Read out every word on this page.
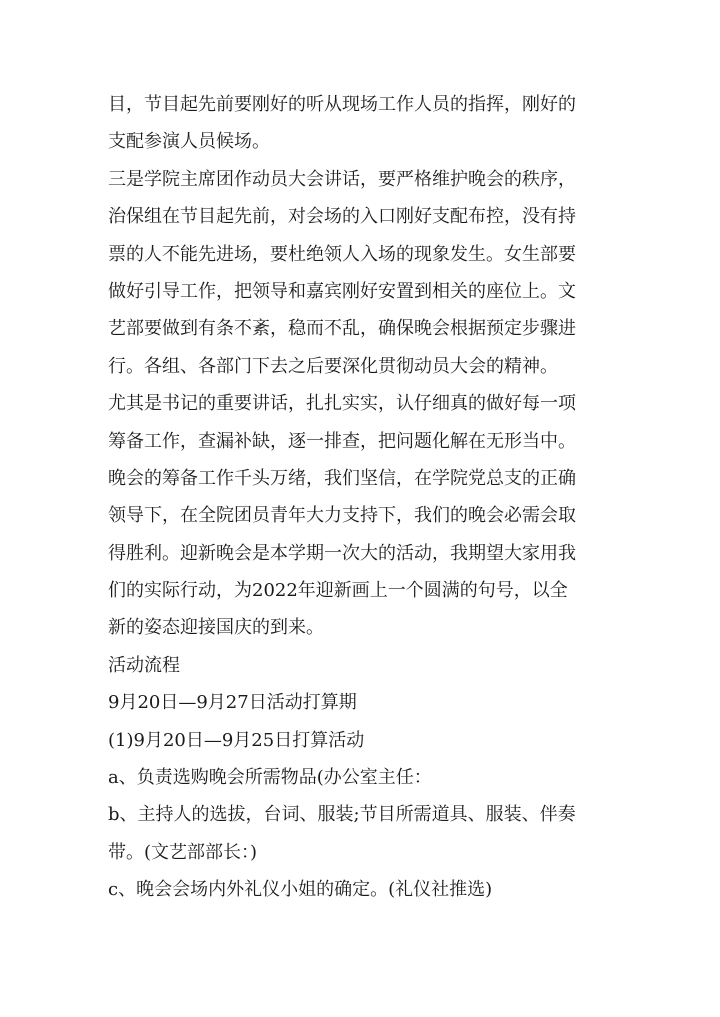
目，节目起先前要刚好的听从现场工作人员的指挥，刚好的
支配参演人员候场。
三是学院主席团作动员大会讲话，要严格维护晚会的秩序，
治保组在节目起先前，对会场的入口刚好支配布控，没有持
票的人不能先进场，要杜绝领人入场的现象发生。女生部要
做好引导工作，把领导和嘉宾刚好安置到相关的座位上。文
艺部要做到有条不紊，稳而不乱，确保晚会根据预定步骤进
行。各组、各部门下去之后要深化贯彻动员大会的精神。
尤其是书记的重要讲话，扎扎实实，认仔细真的做好每一项
筹备工作，查漏补缺，逐一排查，把问题化解在无形当中。
晚会的筹备工作千头万绪，我们坚信，在学院党总支的正确
领导下，在全院团员青年大力支持下，我们的晚会必需会取
得胜利。迎新晚会是本学期一次大的活动，我期望大家用我
们的实际行动，为2022年迎新画上一个圆满的句号，以全
新的姿态迎接国庆的到来。
活动流程
9月20日—9月27日活动打算期
(1)9月20日—9月25日打算活动
a、负责选购晚会所需物品(办公室主任：
b、主持人的选拔，台词、服装;节目所需道具、服装、伴奏
带。(文艺部部长：)
c、晚会会场内外礼仪小姐的确定。(礼仪社推选)
